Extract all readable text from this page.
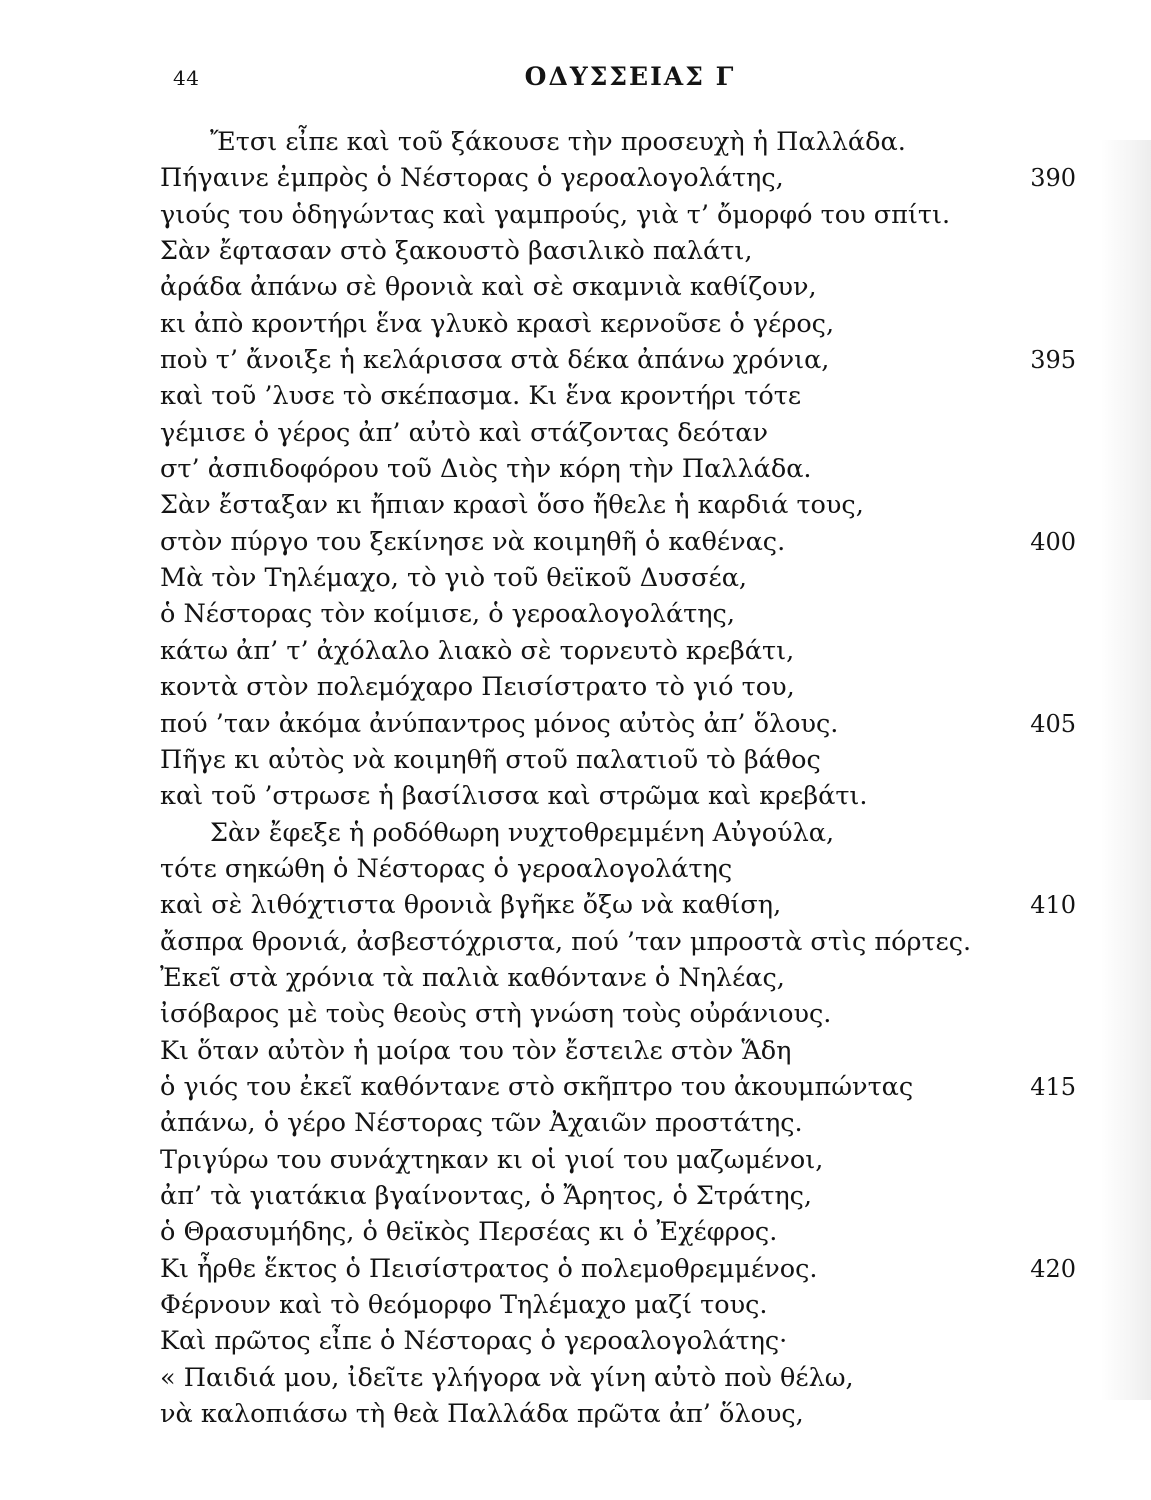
44	ΟΔΥΣΣΕΙΑΣ Γ
Ἔτσι εἶπε καὶ τοῦ ξάκουσε τὴν προσευχὴ ἡ Παλλάδα.
Πήγαινε ἐμπρὸς ὁ Νέστορας ὁ γεροαλογολάτης,	390
γιούς του ὁδηγώντας καὶ γαμπρούς, γιὰ τ’ ὄμορφό του σπίτι.
Σὰν ἔφτασαν στὸ ξακουστὸ βασιλικὸ παλάτι,
ἀράδα ἀπάνω σὲ θρονιὰ καὶ σὲ σκαμνιὰ καθίζουν,
κι ἀπὸ κροντήρι ἕνα γλυκὸ κρασὶ κερνοῦσε ὁ γέρος,
ποὺ τ’ ἄνοιξε ἡ κελάρισσα στὰ δέκα ἀπάνω χρόνια,	395
καὶ τοῦ ’λυσε τὸ σκέπασμα. Κι ἕνα κροντήρι τότε
γέμισε ὁ γέρος ἀπ’ αὐτὸ καὶ στάζοντας δεόταν
στ’ ἀσπιδοφόρου τοῦ Διὸς τὴν κόρη τὴν Παλλάδα.
Σὰν ἔσταξαν κι ἤπιαν κρασὶ ὅσο ἤθελε ἡ καρδιά τους,
στὸν πύργο του ξεκίνησε νὰ κοιμηθῆ ὁ καθένας.	400
Μὰ τὸν Τηλέμαχο, τὸ γιὸ τοῦ θεϊκοῦ Δυσσέα,
ὁ Νέστορας τὸν κοίμισε, ὁ γεροαλογολάτης,
κάτω ἀπ’ τ’ ἀχόλαλο λιακὸ σὲ τορνευτὸ κρεβάτι,
κοντὰ στὸν πολεμόχαρο Πεισίστρατο τὸ γιό του,
πού ’ταν ἀκόμα ἀνύπαντρος μόνος αὐτὸς ἀπ’ ὅλους.	405
Πῆγε κι αὐτὸς νὰ κοιμηθῆ στοῦ παλατιοῦ τὸ βάθος
καὶ τοῦ ’στρωσε ἡ βασίλισσα καὶ στρῶμα καὶ κρεβάτι.
Σὰν ἔφεξε ἡ ροδόθωρη νυχτοθρεμμένη Αὐγούλα,
τότε σηκώθη ὁ Νέστορας ὁ γεροαλογολάτης
καὶ σὲ λιθόχτιστα θρονιὰ βγῆκε ὄξω νὰ καθίση,	410
ἄσπρα θρονιά, ἀσβεστόχριστα, πού ’ταν μπροστὰ στὶς πόρτες.
Ἐκεῖ στὰ χρόνια τὰ παλιὰ καθόντανε ὁ Νηλέας,
ἰσόβαρος μὲ τοὺς θεοὺς στὴ γνώση τοὺς οὐράνιους.
Κι ὅταν αὐτὸν ἡ μοίρα του τὸν ἔστειλε στὸν Ἅδη
ὁ γιός του ἐκεῖ καθόντανε στὸ σκῆπτρο του ἀκουμπώντας	415
ἀπάνω, ὁ γέρο Νέστορας τῶν Ἀχαιῶν προστάτης.
Τριγύρω του συνάχτηκαν κι οἱ γιοί του μαζωμένοι,
ἀπ’ τὰ γιατάκια βγαίνοντας, ὁ Ἄρητος, ὁ Στράτης,
ὁ Θρασυμήδης, ὁ θεϊκὸς Περσέας κι ὁ Ἐχέφρος.
Κι ἦρθε ἕκτος ὁ Πεισίστρατος ὁ πολεμοθρεμμένος.	420
Φέρνουν καὶ τὸ θεόμορφο Τηλέμαχο μαζί τους.
Καὶ πρῶτος εἶπε ὁ Νέστορας ὁ γεροαλογολάτης·
« Παιδιά μου, ἰδεῖτε γλήγορα νὰ γίνη αὐτὸ ποὺ θέλω,
νὰ καλοπιάσω τὴ θεὰ Παλλάδα πρῶτα ἀπ’ ὅλους,
